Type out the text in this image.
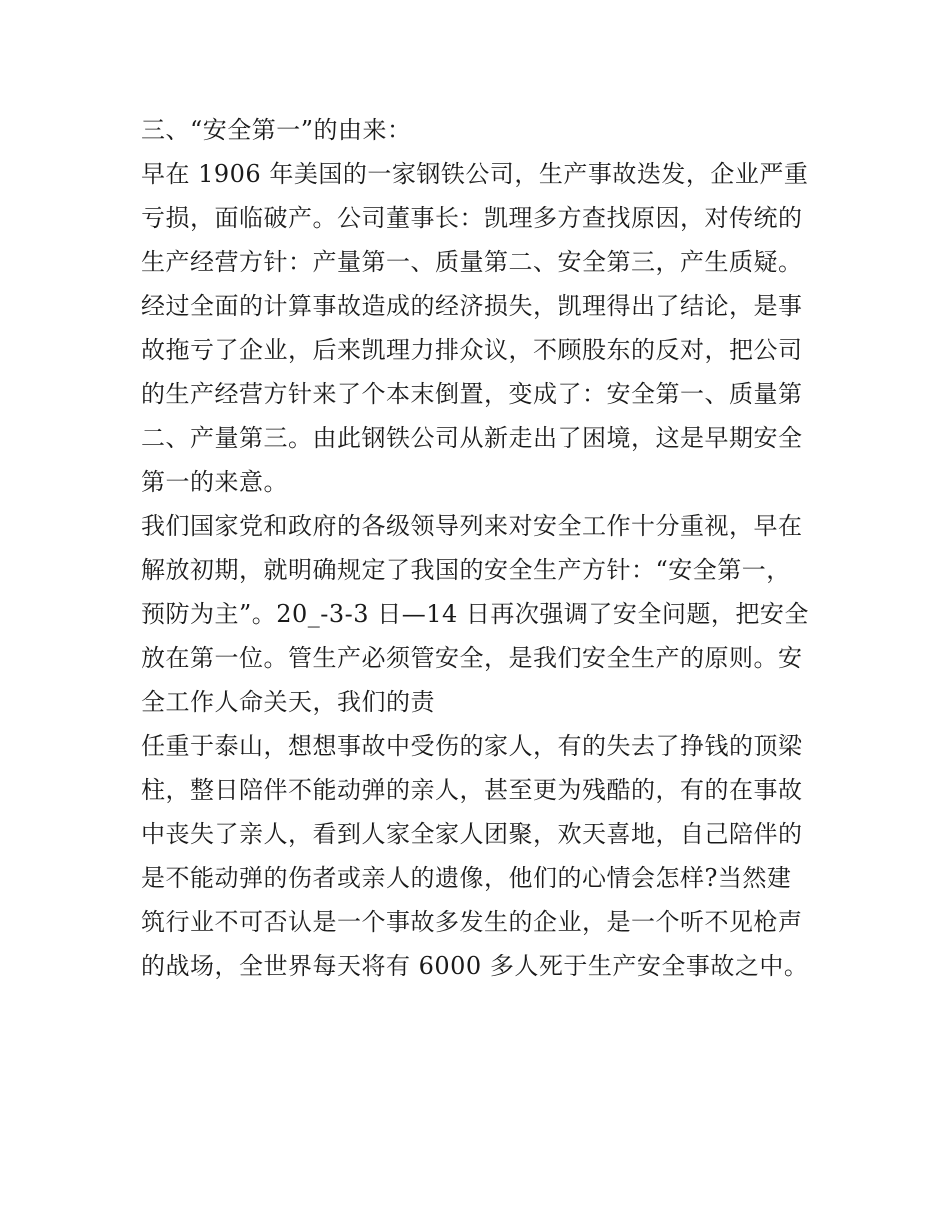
三、“安全第一”的由来：

早在 1906 年美国的一家钢铁公司，生产事故迭发，企业严重

亏损，面临破产。公司董事长：凯理多方查找原因，对传统的

生产经营方针：产量第一、质量第二、安全第三，产生质疑。

经过全面的计算事故造成的经济损失，凯理得出了结论，是事

故拖亏了企业，后来凯理力排众议，不顾股东的反对，把公司

的生产经营方针来了个本末倒置，变成了：安全第一、质量第

二、产量第三。由此钢铁公司从新走出了困境，这是早期安全

第一的来意。

我们国家党和政府的各级领导列来对安全工作十分重视，早在

解放初期，就明确规定了我国的安全生产方针：“安全第一，

预防为主”。20_-3-3 日—14 日再次强调了安全问题，把安全

放在第一位。管生产必须管安全，是我们安全生产的原则。安

全工作人命关天，我们的责

任重于泰山，想想事故中受伤的家人，有的失去了挣钱的顶梁

柱，整日陪伴不能动弹的亲人，甚至更为残酷的，有的在事故

中丧失了亲人，看到人家全家人团聚，欢天喜地，自己陪伴的

是不能动弹的伤者或亲人的遗像，他们的心情会怎样?当然建

筑行业不可否认是一个事故多发生的企业，是一个听不见枪声

的战场，全世界每天将有 6000 多人死于生产安全事故之中。
